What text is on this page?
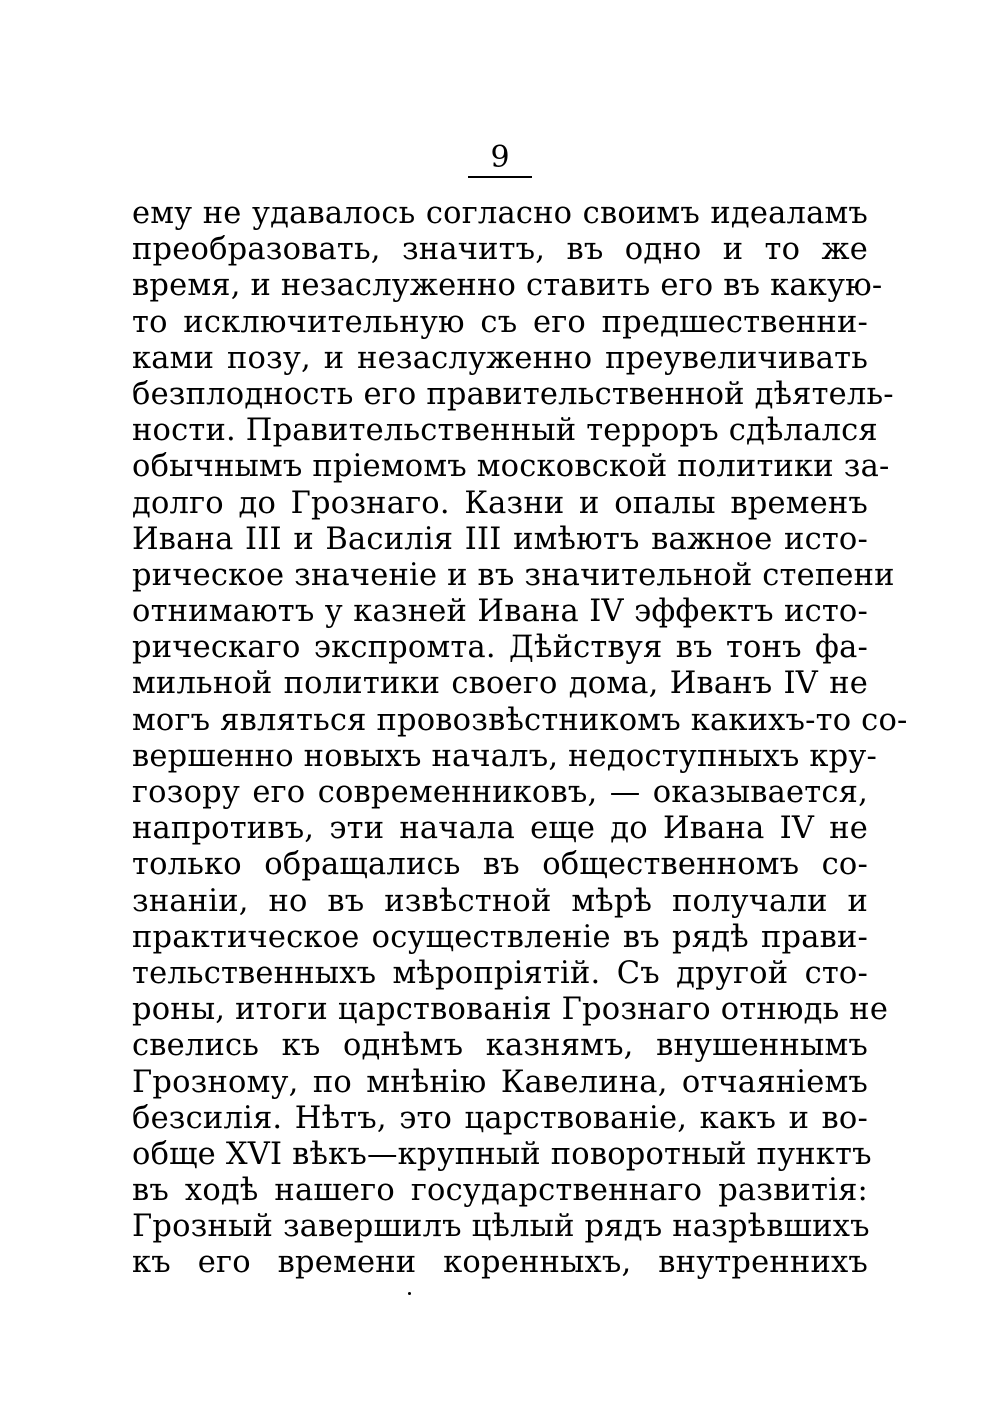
9
ему не удавалось согласно своимъ идеаламъ
преобразовать, значитъ, въ одно и то же
время, и незаслуженно ставить его въ какую-
то исключительную съ его предшественни-
ками позу, и незаслуженно преувеличивать
безплодность его правительственной дѣятель-
ности. Правительственный терроръ сдѣлался
обычнымъ прiемомъ московской политики за-
долго до Грознаго. Казни и опалы временъ
Ивана III и Василiя III имѣютъ важное исто-
рическое значенiе и въ значительной степени
отнимаютъ у казней Ивана IV эффектъ исто-
рическаго экспромта. Дѣйствуя въ тонъ фа-
мильной политики своего дома, Иванъ IV не
могъ являться провозвѣстникомъ какихъ-то со-
вершенно новыхъ началъ, недоступныхъ кру-
гозору его современниковъ, — оказывается,
напротивъ, эти начала еще до Ивана IV не
только обращались въ общественномъ со-
знанiи, но въ извѣстной мѣрѣ получали и
практическое осуществленiе въ рядѣ прави-
тельственныхъ мѣропрiятiй. Съ другой сто-
роны, итоги царствованiя Грознаго отнюдь не
свелись къ однѣмъ казнямъ, внушеннымъ
Грозному, по мнѣнiю Кавелина, отчаянiемъ
безсилiя. Нѣтъ, это царствованiе, какъ и во-
обще XVI вѣкъ—крупный поворотный пунктъ
въ ходѣ нашего государственнаго развитiя:
Грозный завершилъ цѣлый рядъ назрѣвшихъ
къ его времени коренныхъ, внутреннихъ
